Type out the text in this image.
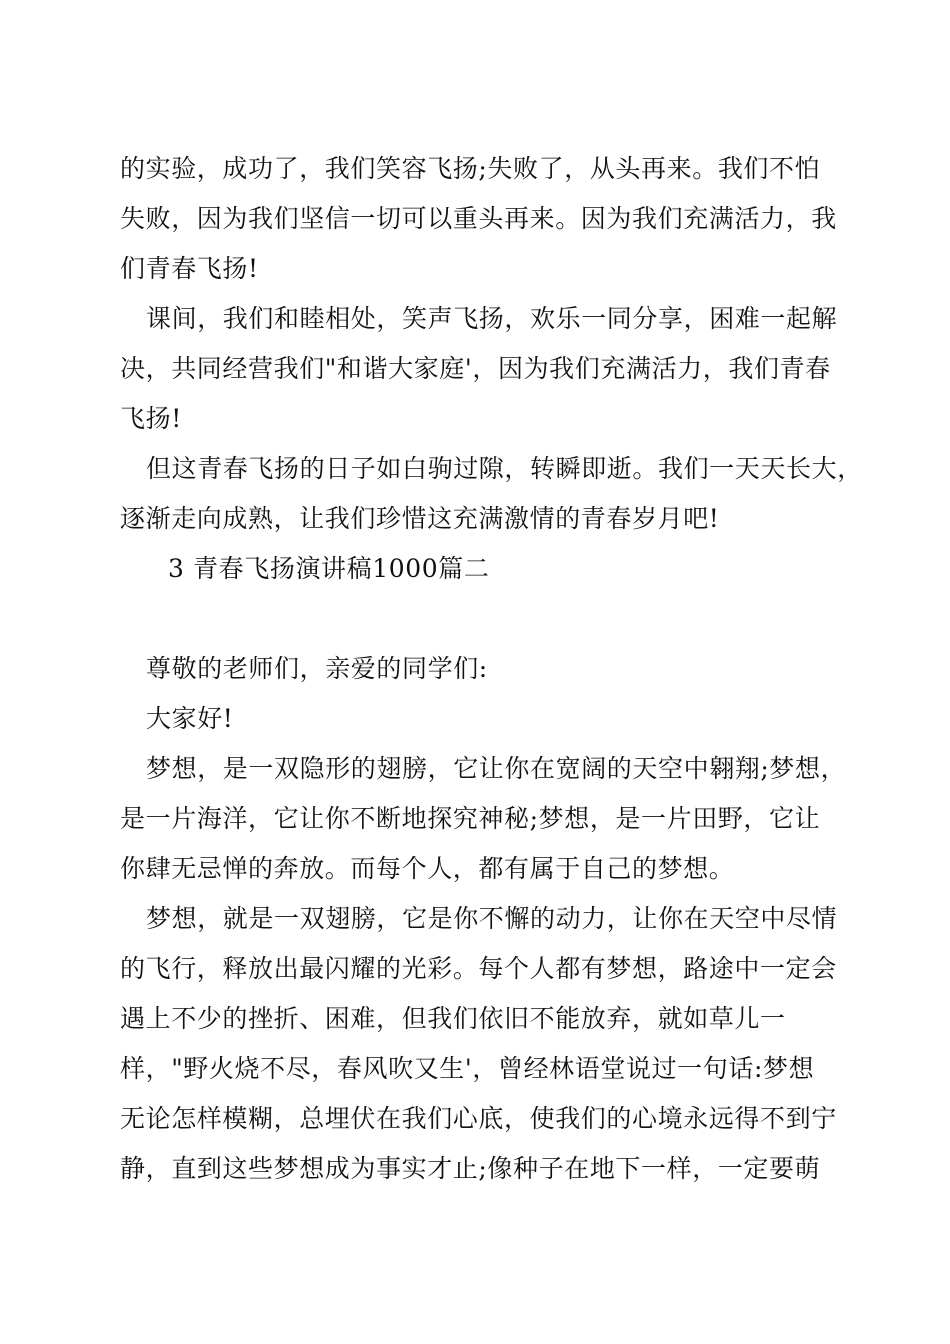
的实验，成功了，我们笑容飞扬;失败了，从头再来。我们不怕
失败，因为我们坚信一切可以重头再来。因为我们充满活力，我
们青春飞扬!
课间，我们和睦相处，笑声飞扬，欢乐一同分享，困难一起解
决，共同经营我们"和谐大家庭'，因为我们充满活力，我们青春
飞扬!
但这青春飞扬的日子如白驹过隙，转瞬即逝。我们一天天长大，
逐渐走向成熟，让我们珍惜这充满激情的青春岁月吧!
3 青春飞扬演讲稿1000篇二
尊敬的老师们，亲爱的同学们:
大家好!
梦想，是一双隐形的翅膀，它让你在宽阔的天空中翱翔;梦想，
是一片海洋，它让你不断地探究神秘;梦想，是一片田野，它让
你肆无忌惮的奔放。而每个人，都有属于自己的梦想。
梦想，就是一双翅膀，它是你不懈的动力，让你在天空中尽情
的飞行，释放出最闪耀的光彩。每个人都有梦想，路途中一定会
遇上不少的挫折、困难，但我们依旧不能放弃，就如草儿一
样，"野火烧不尽，春风吹又生'，曾经林语堂说过一句话:梦想
无论怎样模糊，总埋伏在我们心底，使我们的心境永远得不到宁
静，直到这些梦想成为事实才止;像种子在地下一样，一定要萌
